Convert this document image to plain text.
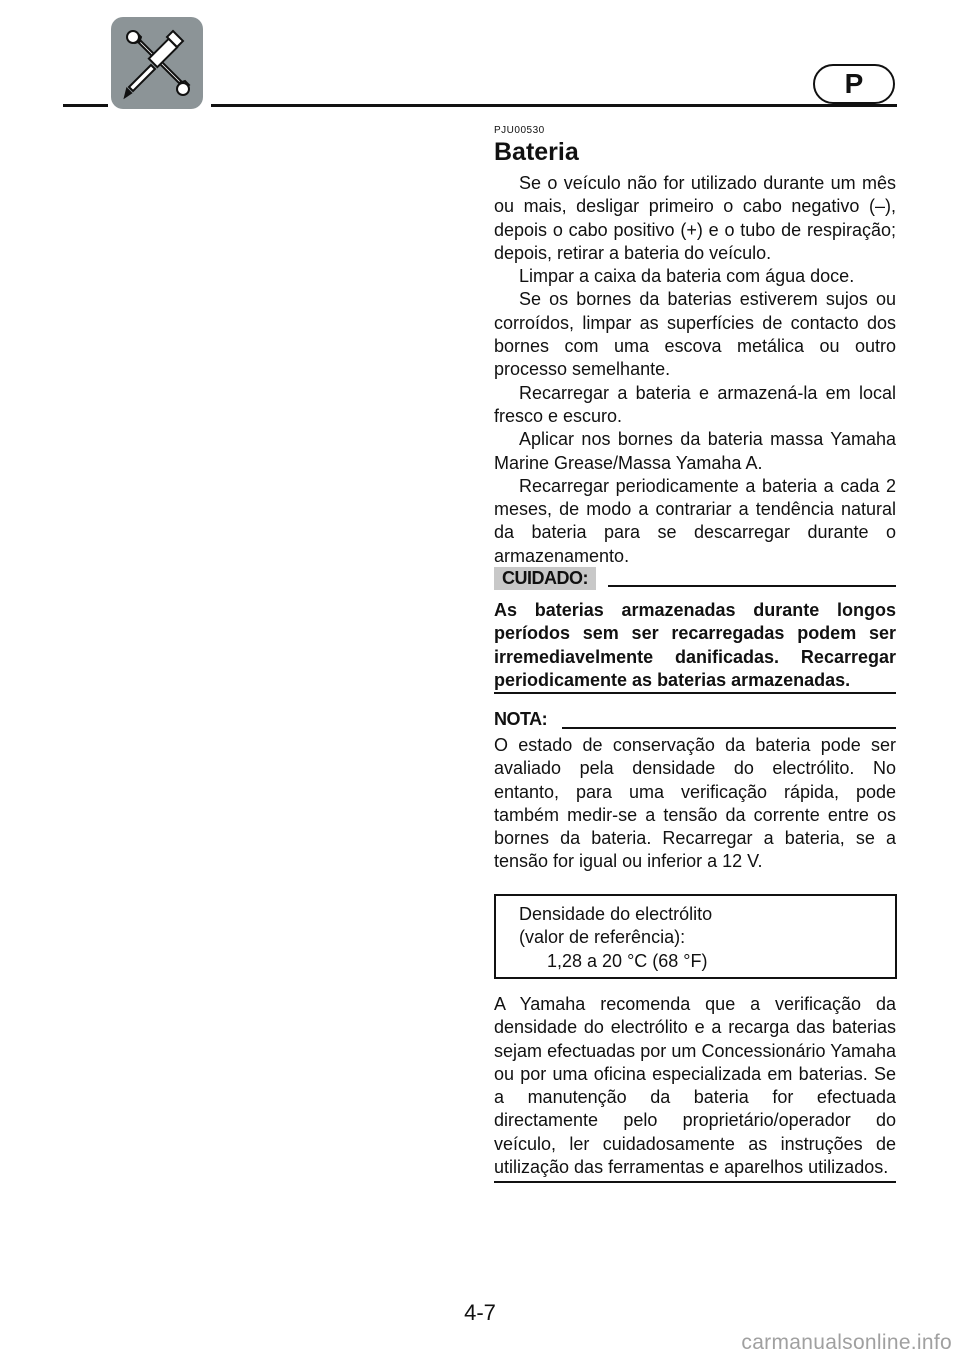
P
PJU00530
Bateria

Se o veículo não for utilizado durante um mês ou mais, desligar primeiro o cabo negativo (–), depois o cabo positivo (+) e o tubo de respiração; depois, retirar a bateria do veículo.

Limpar a caixa da bateria com água doce.

Se os bornes da baterias estiverem sujos ou corroídos, limpar as superfícies de contacto dos bornes com uma escova metálica ou outro processo semelhante.

Recarregar a bateria e armazená-la em local fresco e escuro.

Aplicar nos bornes da bateria massa Yamaha Marine Grease/Massa Yamaha A.

Recarregar periodicamente a bateria a cada 2 meses, de modo a contrariar a tendência natural da bateria para se descarregar durante o armazenamento.

CUIDADO:
As baterias armazenadas durante longos períodos sem ser recarregadas podem ser irremediavelmente danificadas. Recarregar periodicamente as baterias armazenadas.
NOTA:
O estado de conservação da bateria pode ser avaliado pela densidade do electrólito. No entanto, para uma verificação rápida, pode também medir-se a tensão da corrente entre os bornes da bateria. Recarregar a bateria, se a tensão for igual ou inferior a 12 V.
Densidade do electrólito
(valor de referência):
1,28 a 20 °C (68 °F)
A Yamaha recomenda que a verificação da densidade do electrólito e a recarga das baterias sejam efectuadas por um Concessionário Yamaha ou por uma oficina especializada em baterias. Se a manutenção da bateria for efectuada directamente pelo proprietário/operador do veículo, ler cuidadosamente as instruções de utilização das ferramentas e aparelhos utilizados.
4-7
carmanualsonline.info
